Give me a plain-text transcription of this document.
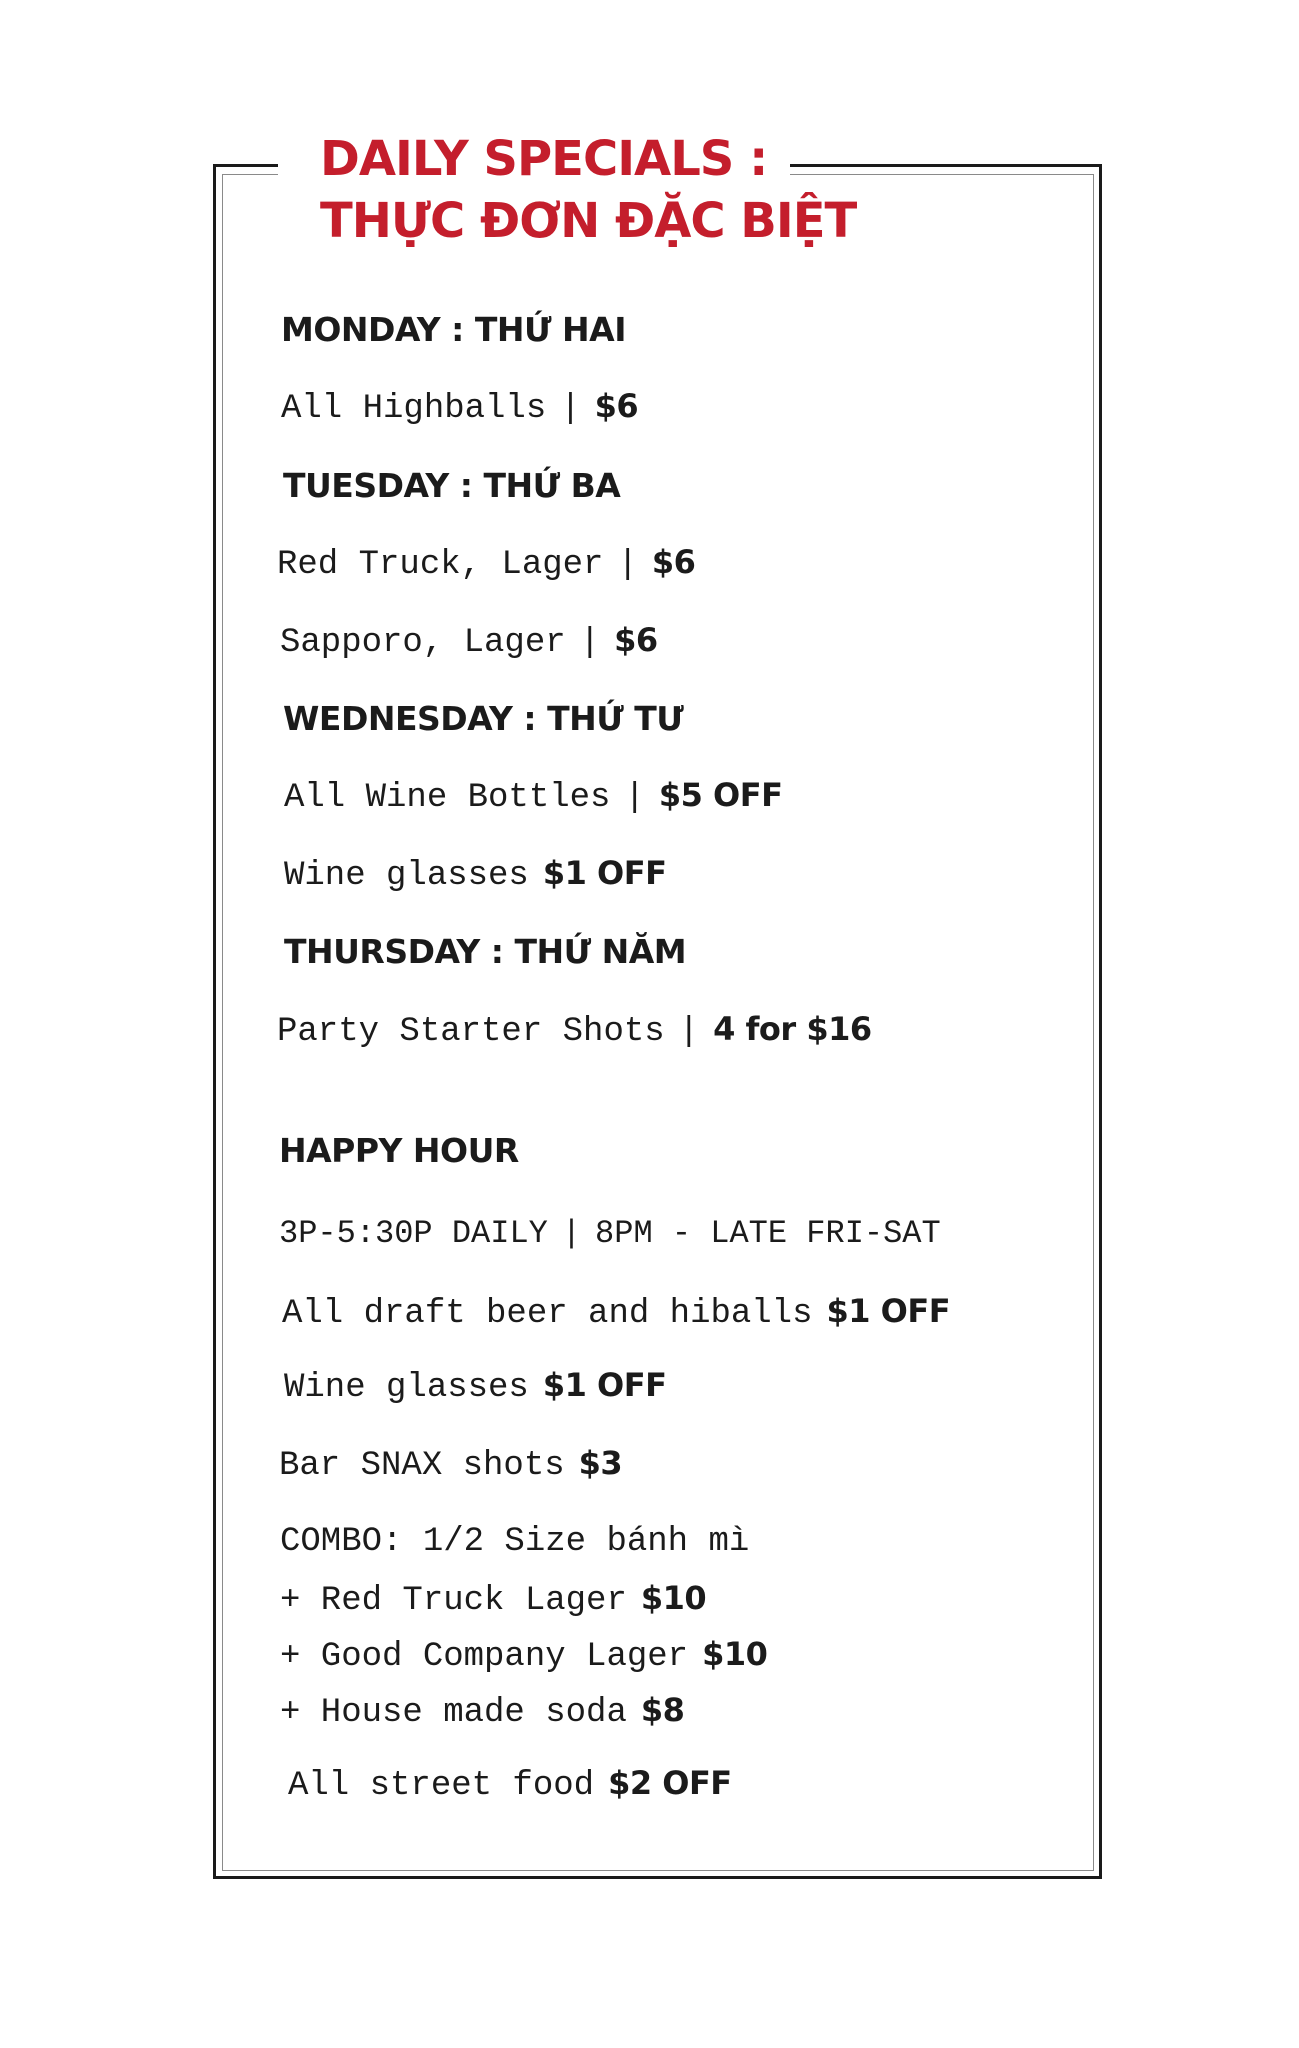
DAILY SPECIALS :
THỰC ĐƠN ĐẶC BIỆT
MONDAY : THỨ HAI

All Highballs | $6

TUESDAY : THỨ BA

Red Truck, Lager | $6

Sapporo, Lager | $6

WEDNESDAY : THỨ TƯ

All Wine Bottles | $5 OFF

Wine glasses $1 OFF

THURSDAY : THỨ NĂM

Party Starter Shots | 4 for $16

HAPPY HOUR

3P-5:30P DAILY | 8PM - LATE FRI-SAT

All draft beer and hiballs $1 OFF

Wine glasses $1 OFF

Bar SNAX shots $3

COMBO: 1/2 Size bánh mì

+ Red Truck Lager $10

+ Good Company Lager $10

+ House made soda $8

All street food $2 OFF
